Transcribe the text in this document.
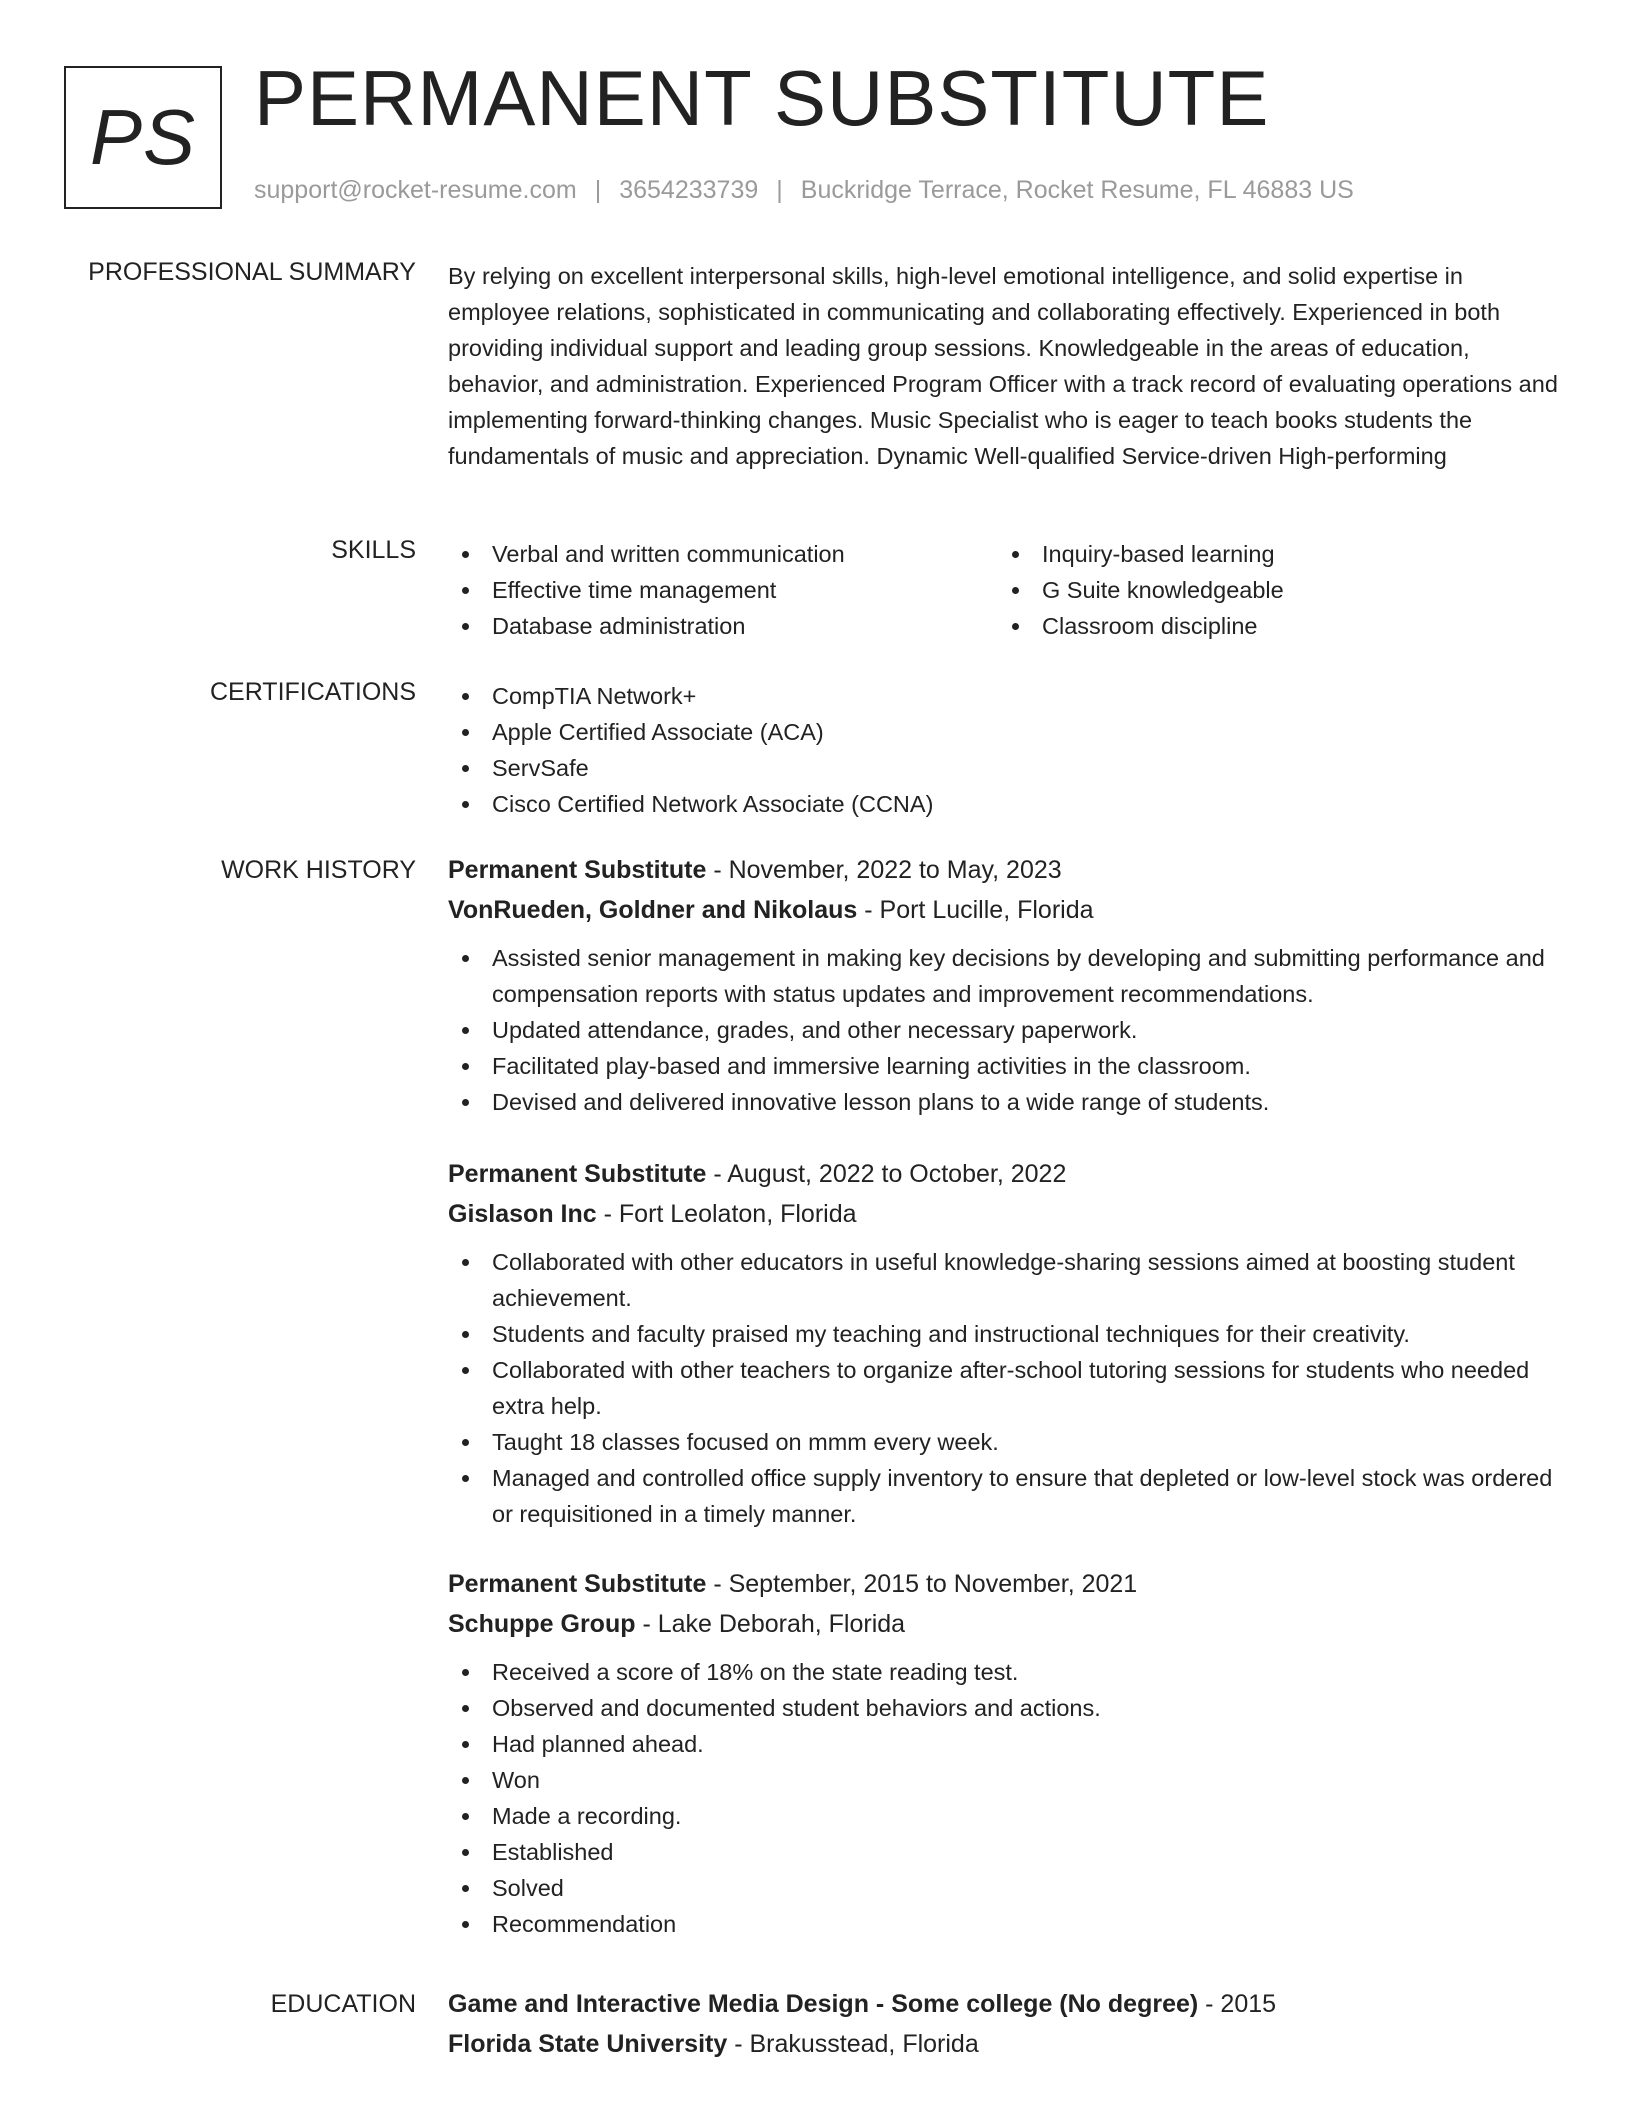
PS PERMANENT SUBSTITUTE
support@rocket-resume.com | 3654233739 | Buckridge Terrace, Rocket Resume, FL 46883 US
PROFESSIONAL SUMMARY By relying on excellent interpersonal skills, high-level emotional intelligence, and solid expertise in employee relations, sophisticated in communicating and collaborating effectively. Experienced in both providing individual support and leading group sessions. Knowledgeable in the areas of education, behavior, and administration. Experienced Program Officer with a track record of evaluating operations and implementing forward-thinking changes. Music Specialist who is eager to teach books students the fundamentals of music and appreciation. Dynamic Well-qualified Service-driven High-performing
SKILLS	Verbal and written communication
Effective time management
Database administration
Inquiry-based learning
G Suite knowledgeable
Classroom discipline
CERTIFICATIONS	CompTIA Network+
Apple Certified Associate (ACA)
ServSafe
Cisco Certified Network Associate (CCNA)
WORK HISTORY Permanent Substitute - November, 2022 to May, 2023
VonRueden, Goldner and Nikolaus - Port Lucille, Florida
Assisted senior management in making key decisions by developing and submitting performance and compensation reports with status updates and improvement recommendations.
Updated attendance, grades, and other necessary paperwork.
Facilitated play-based and immersive learning activities in the classroom.
Devised and delivered innovative lesson plans to a wide range of students.
Permanent Substitute - August, 2022 to October, 2022
Gislason Inc - Fort Leolaton, Florida
Collaborated with other educators in useful knowledge-sharing sessions aimed at boosting student achievement.
Students and faculty praised my teaching and instructional techniques for their creativity.
Collaborated with other teachers to organize after-school tutoring sessions for students who needed extra help.
Taught 18 classes focused on mmm every week.
Managed and controlled office supply inventory to ensure that depleted or low-level stock was ordered or requisitioned in a timely manner.
Permanent Substitute - September, 2015 to November, 2021
Schuppe Group - Lake Deborah, Florida
Received a score of 18% on the state reading test.
Observed and documented student behaviors and actions.
Had planned ahead.
Won
Made a recording.
Established
Solved
Recommendation
EDUCATION Game and Interactive Media Design - Some college (No degree) - 2015
Florida State University - Brakusstead, Florida
